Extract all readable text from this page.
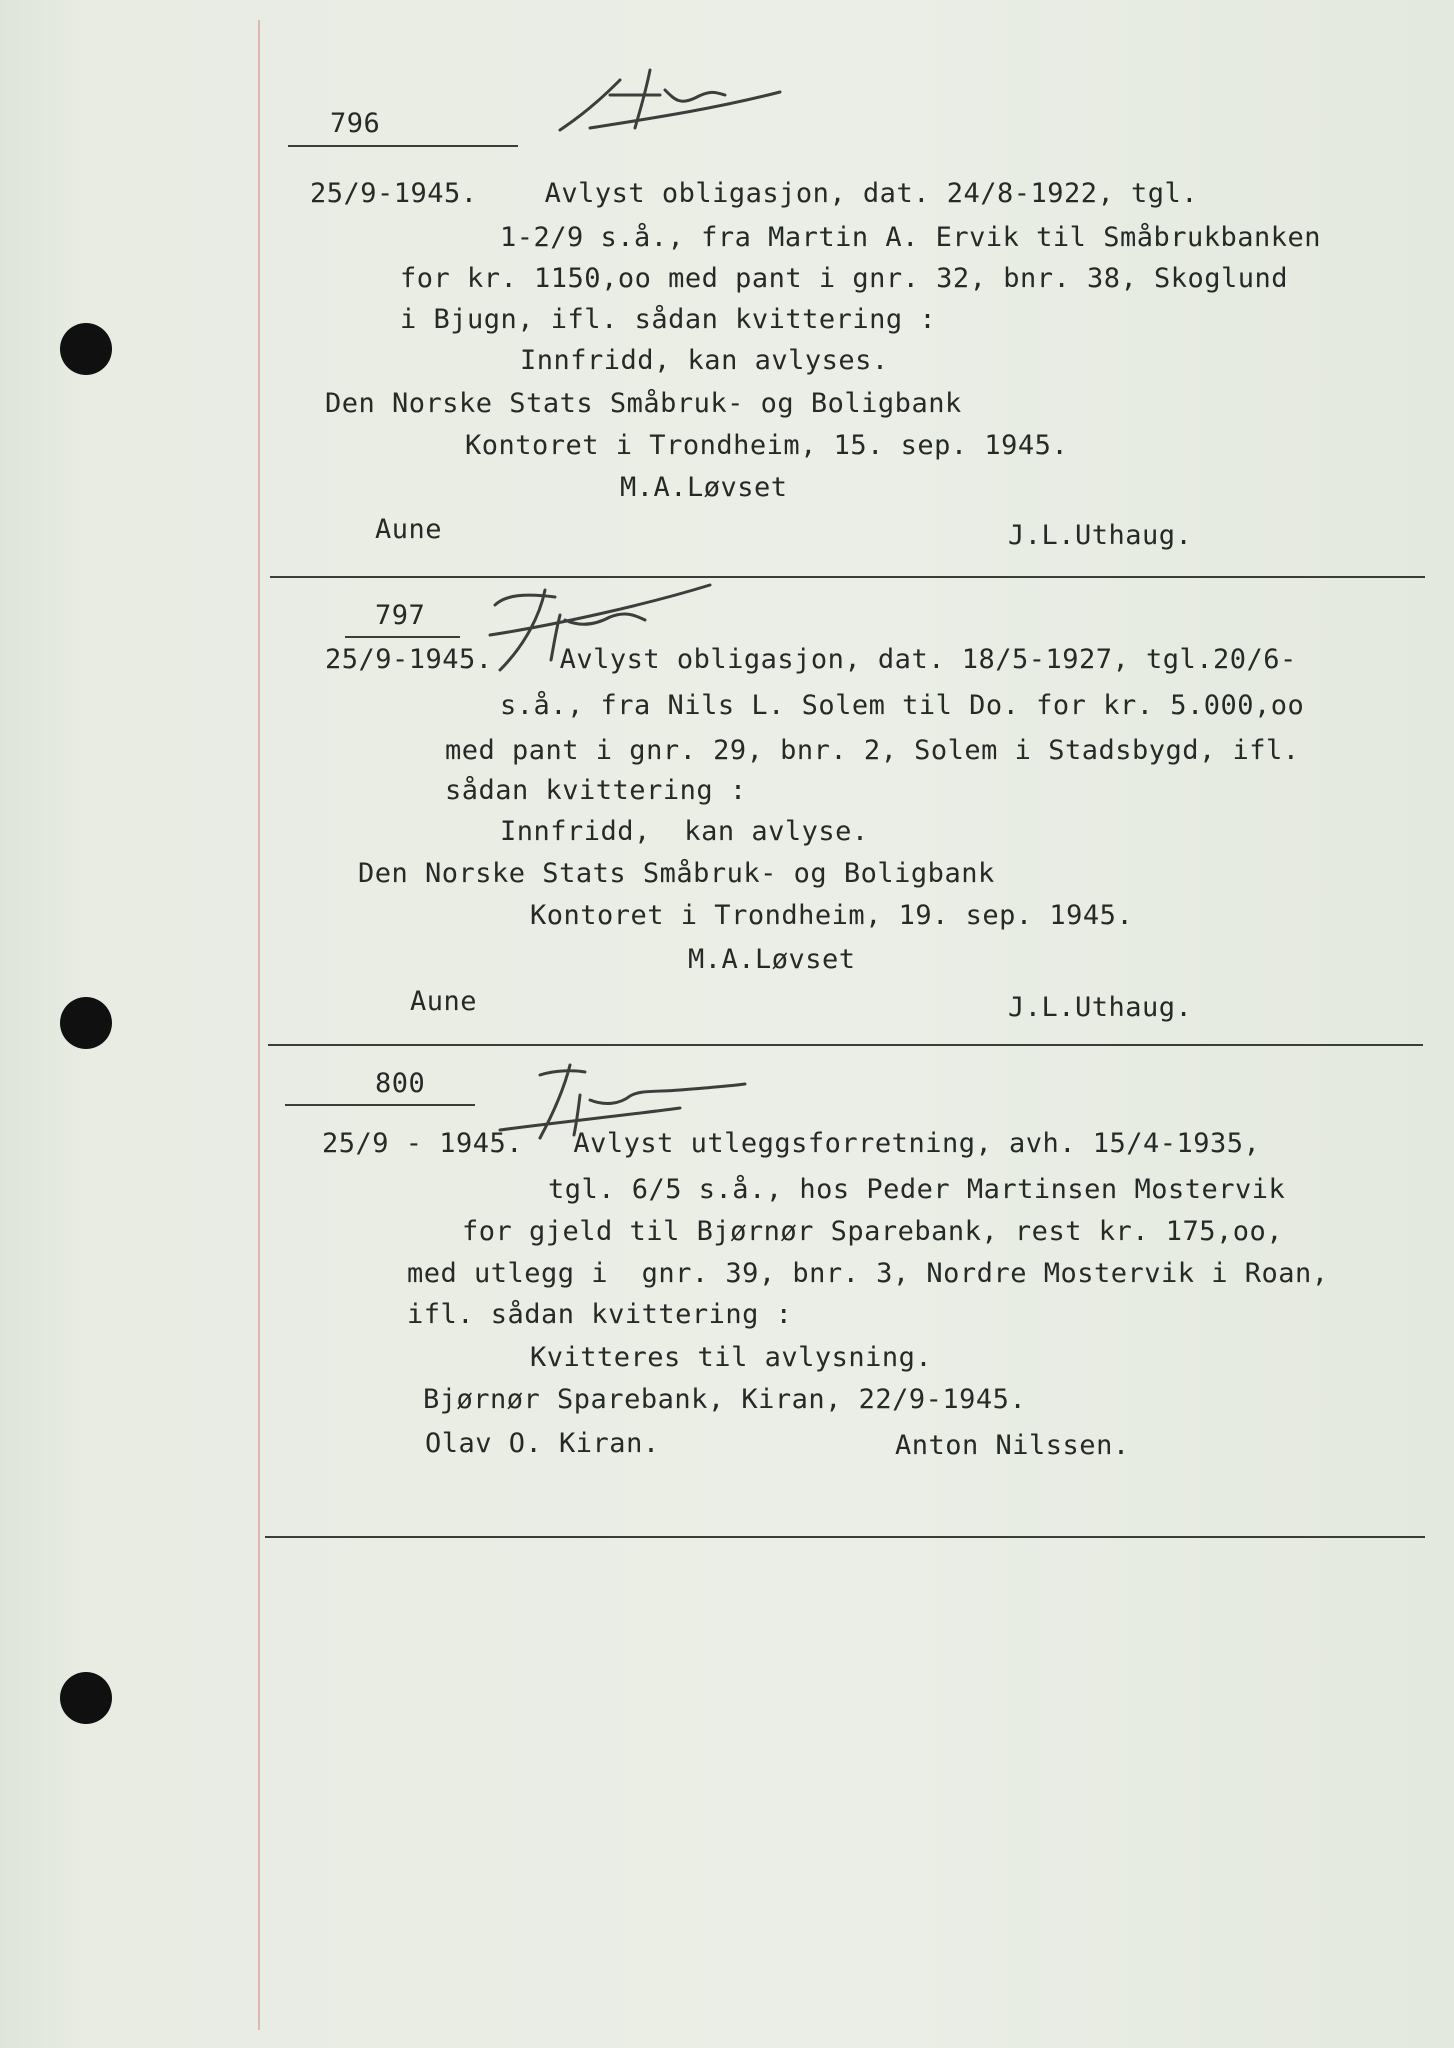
796
25/9-1945.    Avlyst obligasjon, dat. 24/8-1922, tgl.
1-2/9 s.å., fra Martin A. Ervik til Småbrukbanken
for kr. 1150,oo med pant i gnr. 32, bnr. 38, Skoglund
i Bjugn, ifl. sådan kvittering :
Innfridd, kan avlyses.
Den Norske Stats Småbruk- og Boligbank
Kontoret i Trondheim, 15. sep. 1945.
M.A.Løvset
Aune	J.L.Uthaug.
797
25/9-1945.    Avlyst obligasjon, dat. 18/5-1927, tgl.20/6-
s.å., fra Nils L. Solem til Do. for kr. 5.000,oo
med pant i gnr. 29, bnr. 2, Solem i Stadsbygd, ifl.
sådan kvittering :
Innfridd,  kan avlyse.
Den Norske Stats Småbruk- og Boligbank
Kontoret i Trondheim, 19. sep. 1945.
M.A.Løvset
Aune	J.L.Uthaug.
800
25/9 - 1945.   Avlyst utleggsforretning, avh. 15/4-1935,
tgl. 6/5 s.å., hos Peder Martinsen Mostervik
for gjeld til Bjørnør Sparebank, rest kr. 175,oo,
med utlegg i  gnr. 39, bnr. 3, Nordre Mostervik i Roan,
ifl. sådan kvittering :
Kvitteres til avlysning.
Bjørnør Sparebank, Kiran, 22/9-1945.
Olav O. Kiran.	Anton Nilssen.
